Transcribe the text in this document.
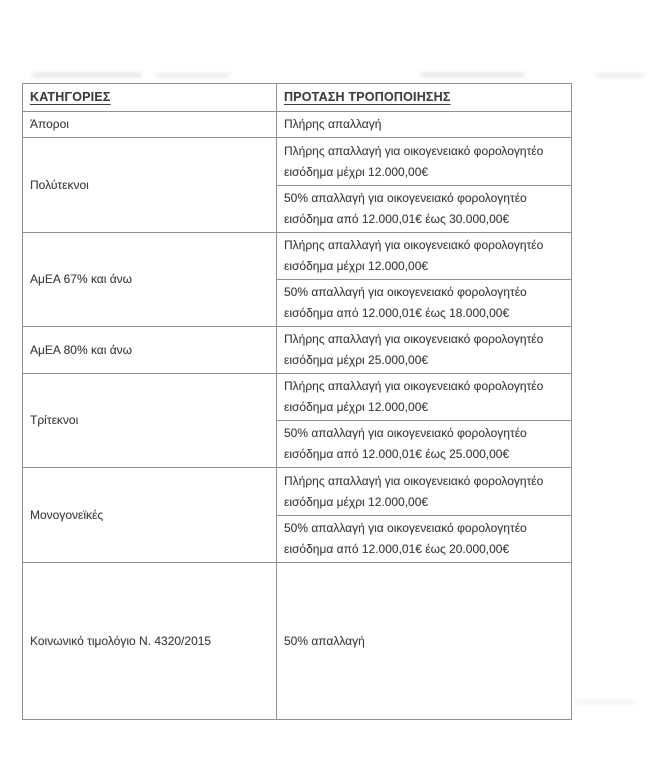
ΚΑΤΗΓΟΡΙΕΣ	ΠΡΟΤΑΣΗ ΤΡΟΠΟΠΟΙΗΣΗΣ
Άποροι	Πλήρης απαλλαγή
Πολύτεκνοι	Πλήρης απαλλαγή για οικογενειακό φορολογητέο εισόδημα μέχρι 12.000,00€
	50% απαλλαγή για οικογενειακό φορολογητέο εισόδημα από 12.000,01€ έως 30.000,00€
ΑμΕΑ 67% και άνω	Πλήρης απαλλαγή για οικογενειακό φορολογητέο εισόδημα μέχρι 12.000,00€
	50% απαλλαγή για οικογενειακό φορολογητέο εισόδημα από 12.000,01€ έως 18.000,00€
ΑμΕΑ 80% και άνω	Πλήρης απαλλαγή για οικογενειακό φορολογητέο εισόδημα μέχρι 25.000,00€
Τρίτεκνοι	Πλήρης απαλλαγή για οικογενειακό φορολογητέο εισόδημα μέχρι 12.000,00€
	50% απαλλαγή για οικογενειακό φορολογητέο εισόδημα από 12.000,01€ έως 25.000,00€
Μονογονεϊκές	Πλήρης απαλλαγή για οικογενειακό φορολογητέο εισόδημα μέχρι 12.000,00€
	50% απαλλαγή για οικογενειακό φορολογητέο εισόδημα από 12.000,01€ έως 20.000,00€
Κοινωνικό τιμολόγιο Ν. 4320/2015	50% απαλλαγή
